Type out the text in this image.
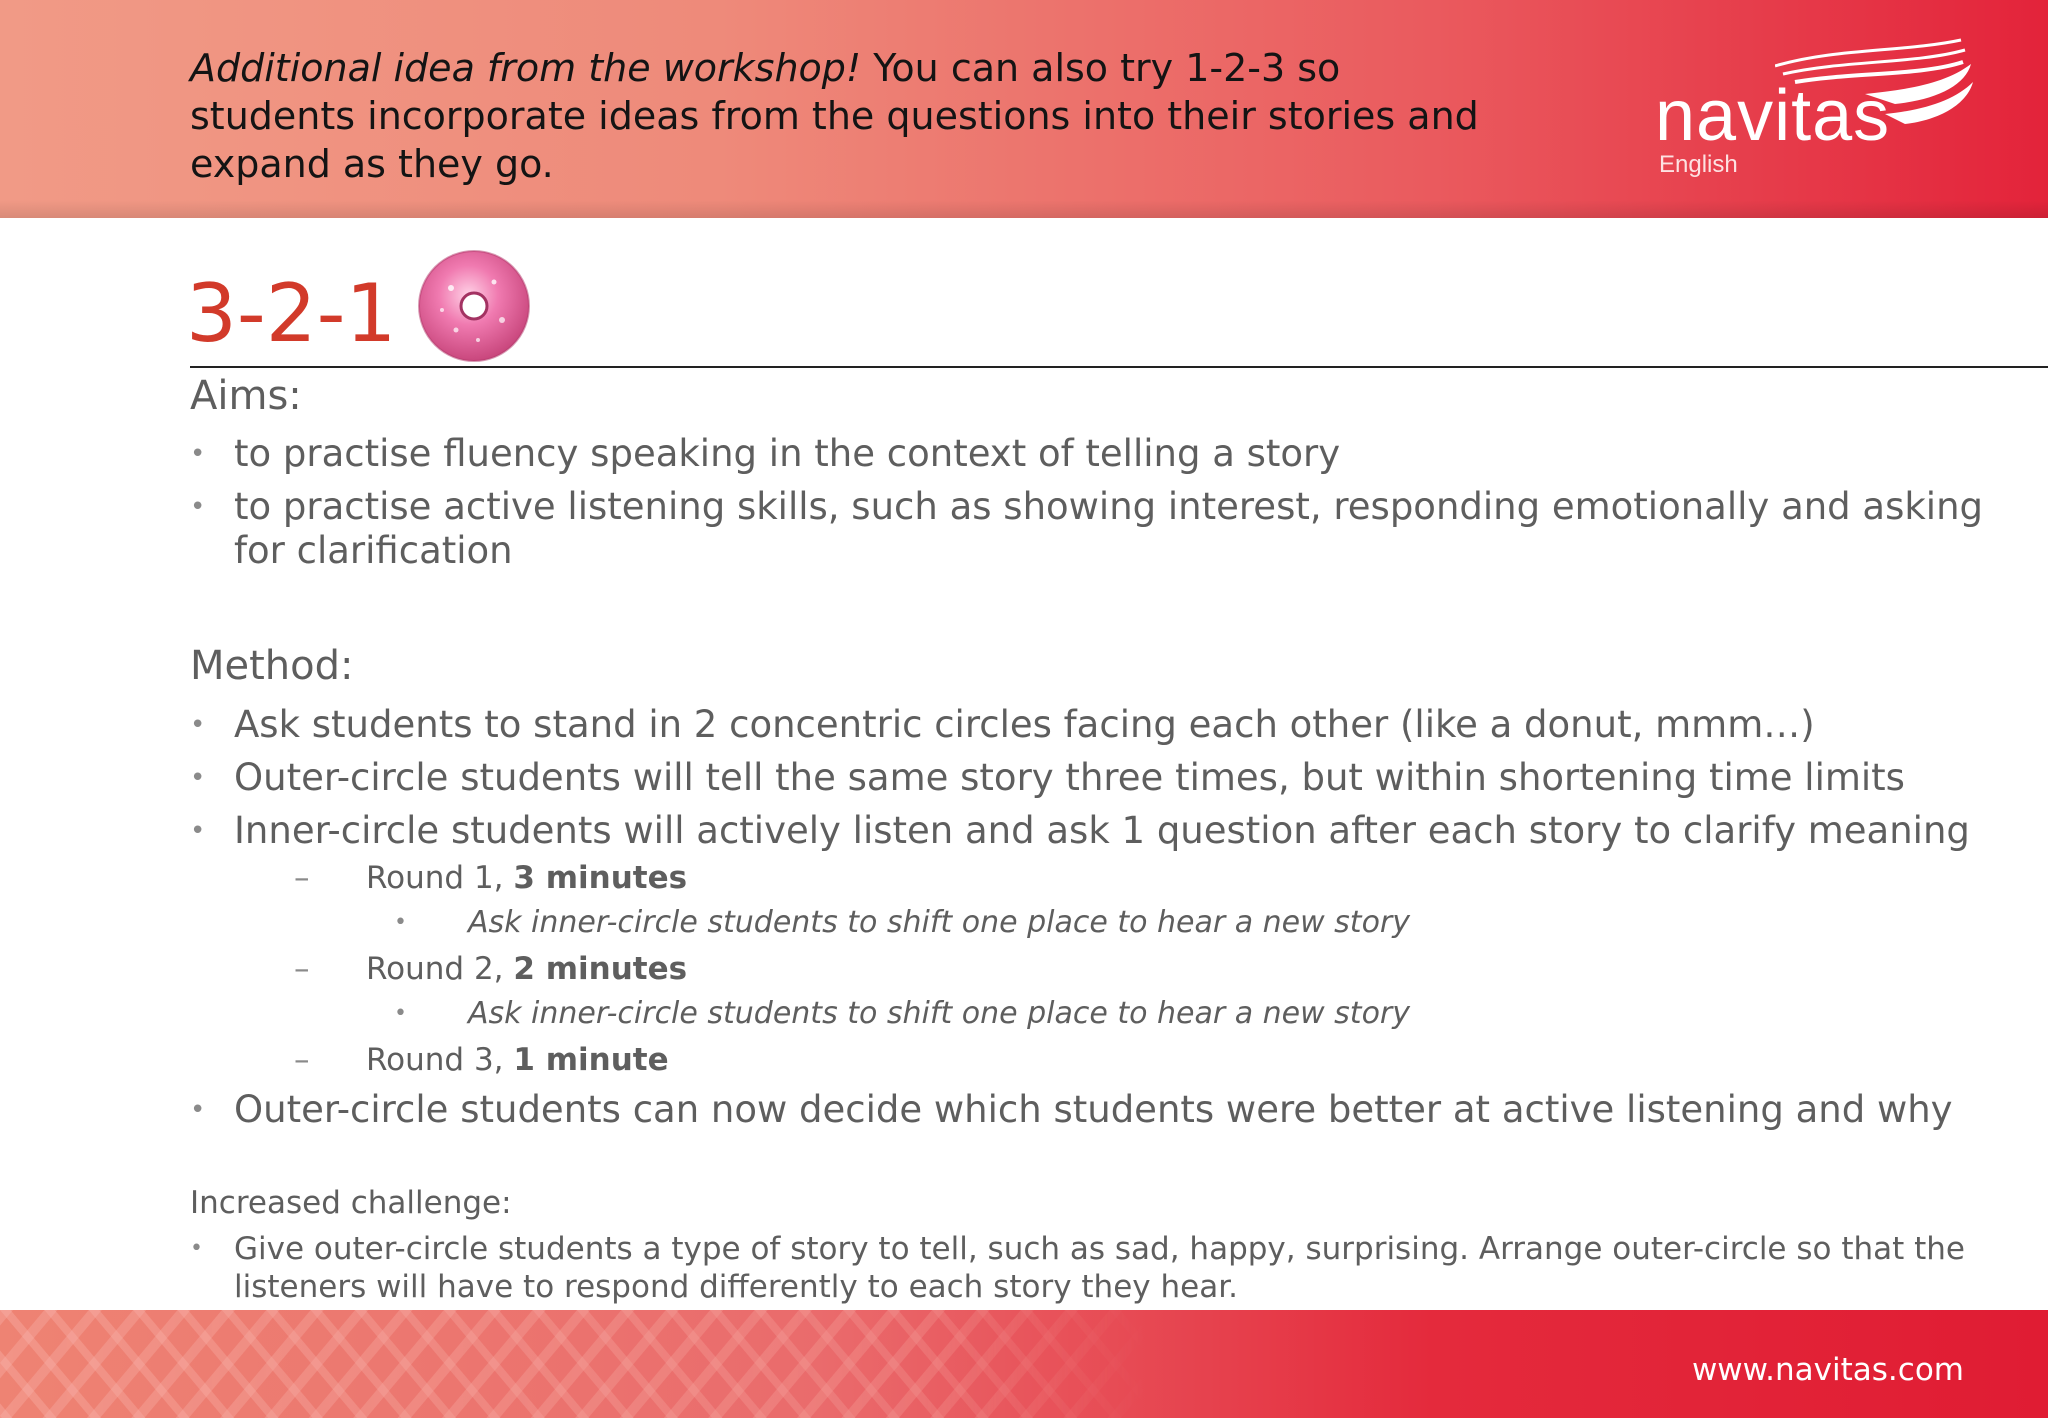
Additional idea from the workshop! You can also try 1-2-3 so students incorporate ideas from the questions into their stories and expand as they go.
navitas
English
3-2-1
Aims:
• to practise fluency speaking in the context of telling a story
• to practise active listening skills, such as showing interest, responding emotionally and asking for clarification
Method:
• Ask students to stand in 2 concentric circles facing each other (like a donut, mmm…)
• Outer-circle students will tell the same story three times, but within shortening time limits
• Inner-circle students will actively listen and ask 1 question after each story to clarify meaning
– Round 1, 3 minutes
• Ask inner-circle students to shift one place to hear a new story
– Round 2, 2 minutes
• Ask inner-circle students to shift one place to hear a new story
– Round 3, 1 minute
• Outer-circle students can now decide which students were better at active listening and why
Increased challenge:
• Give outer-circle students a type of story to tell, such as sad, happy, surprising. Arrange outer-circle so that the listeners will have to respond differently to each story they hear.
www.navitas.com
